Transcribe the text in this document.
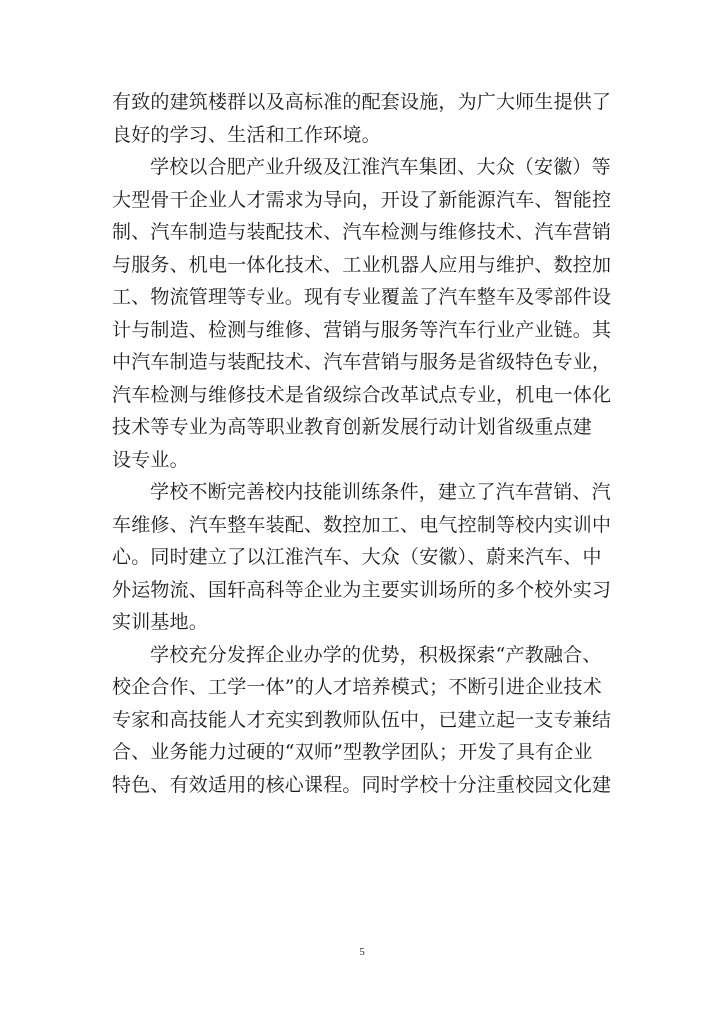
有致的建筑楼群以及高标准的配套设施，为广大师生提供了
良好的学习、生活和工作环境。
学校以合肥产业升级及江淮汽车集团、大众（安徽）等
大型骨干企业人才需求为导向，开设了新能源汽车、智能控
制、汽车制造与装配技术、汽车检测与维修技术、汽车营销
与服务、机电一体化技术、工业机器人应用与维护、数控加
工、物流管理等专业。现有专业覆盖了汽车整车及零部件设
计与制造、检测与维修、营销与服务等汽车行业产业链。其
中汽车制造与装配技术、汽车营销与服务是省级特色专业，
汽车检测与维修技术是省级综合改革试点专业，机电一体化
技术等专业为高等职业教育创新发展行动计划省级重点建
设专业。
学校不断完善校内技能训练条件，建立了汽车营销、汽
车维修、汽车整车装配、数控加工、电气控制等校内实训中
心。同时建立了以江淮汽车、大众（安徽）、蔚来汽车、中
外运物流、国轩高科等企业为主要实训场所的多个校外实习
实训基地。
学校充分发挥企业办学的优势，积极探索“产教融合、
校企合作、工学一体”的人才培养模式；不断引进企业技术
专家和高技能人才充实到教师队伍中，已建立起一支专兼结
合、业务能力过硬的“双师”型教学团队；开发了具有企业
特色、有效适用的核心课程。同时学校十分注重校园文化建
5
